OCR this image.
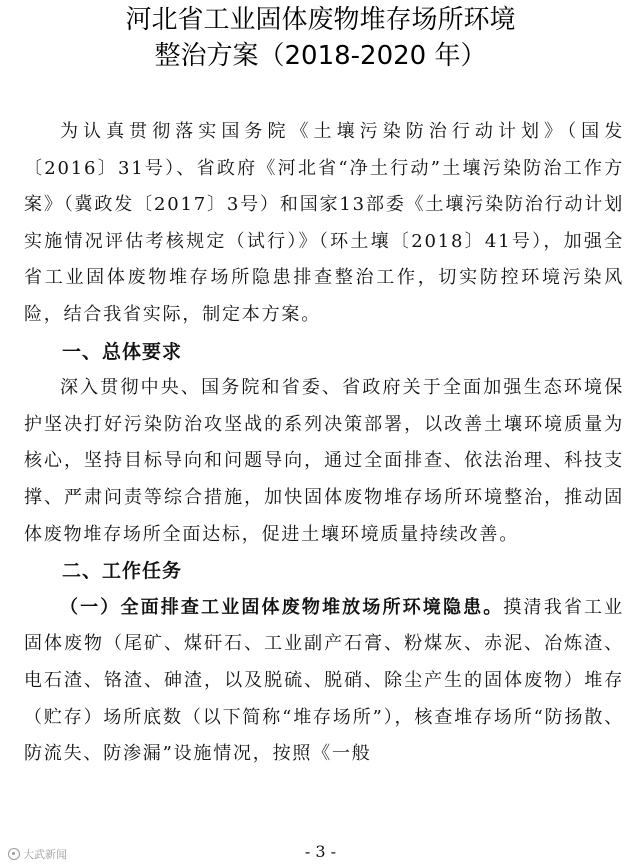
河北省工业固体废物堆存场所环境
整治方案（2018-2020 年）

为认真贯彻落实国务院《土壤污染防治行动计划》（国发〔2016〕31号）、省政府《河北省“净土行动”土壤污染防治工作方案》（冀政发〔2017〕3号）和国家13部委《土壤污染防治行动计划实施情况评估考核规定（试行）》（环土壤〔2018〕41号），加强全省工业固体废物堆存场所隐患排查整治工作，切实防控环境污染风险，结合我省实际，制定本方案。

一、总体要求

深入贯彻中央、国务院和省委、省政府关于全面加强生态环境保护坚决打好污染防治攻坚战的系列决策部署，以改善土壤环境质量为核心，坚持目标导向和问题导向，通过全面排查、依法治理、科技支撑、严肃问责等综合措施，加快固体废物堆存场所环境整治，推动固体废物堆存场所全面达标，促进土壤环境质量持续改善。

二、工作任务

（一）全面排查工业固体废物堆放场所环境隐患。摸清我省工业固体废物（尾矿、煤矸石、工业副产石膏、粉煤灰、赤泥、冶炼渣、电石渣、铬渣、砷渣，以及脱硫、脱硝、除尘产生的固体废物）堆存（贮存）场所底数（以下简称“堆存场所”），核查堆存场所“防扬散、防流失、防渗漏”设施情况，按照《一般

大武新闻	- 3 -
